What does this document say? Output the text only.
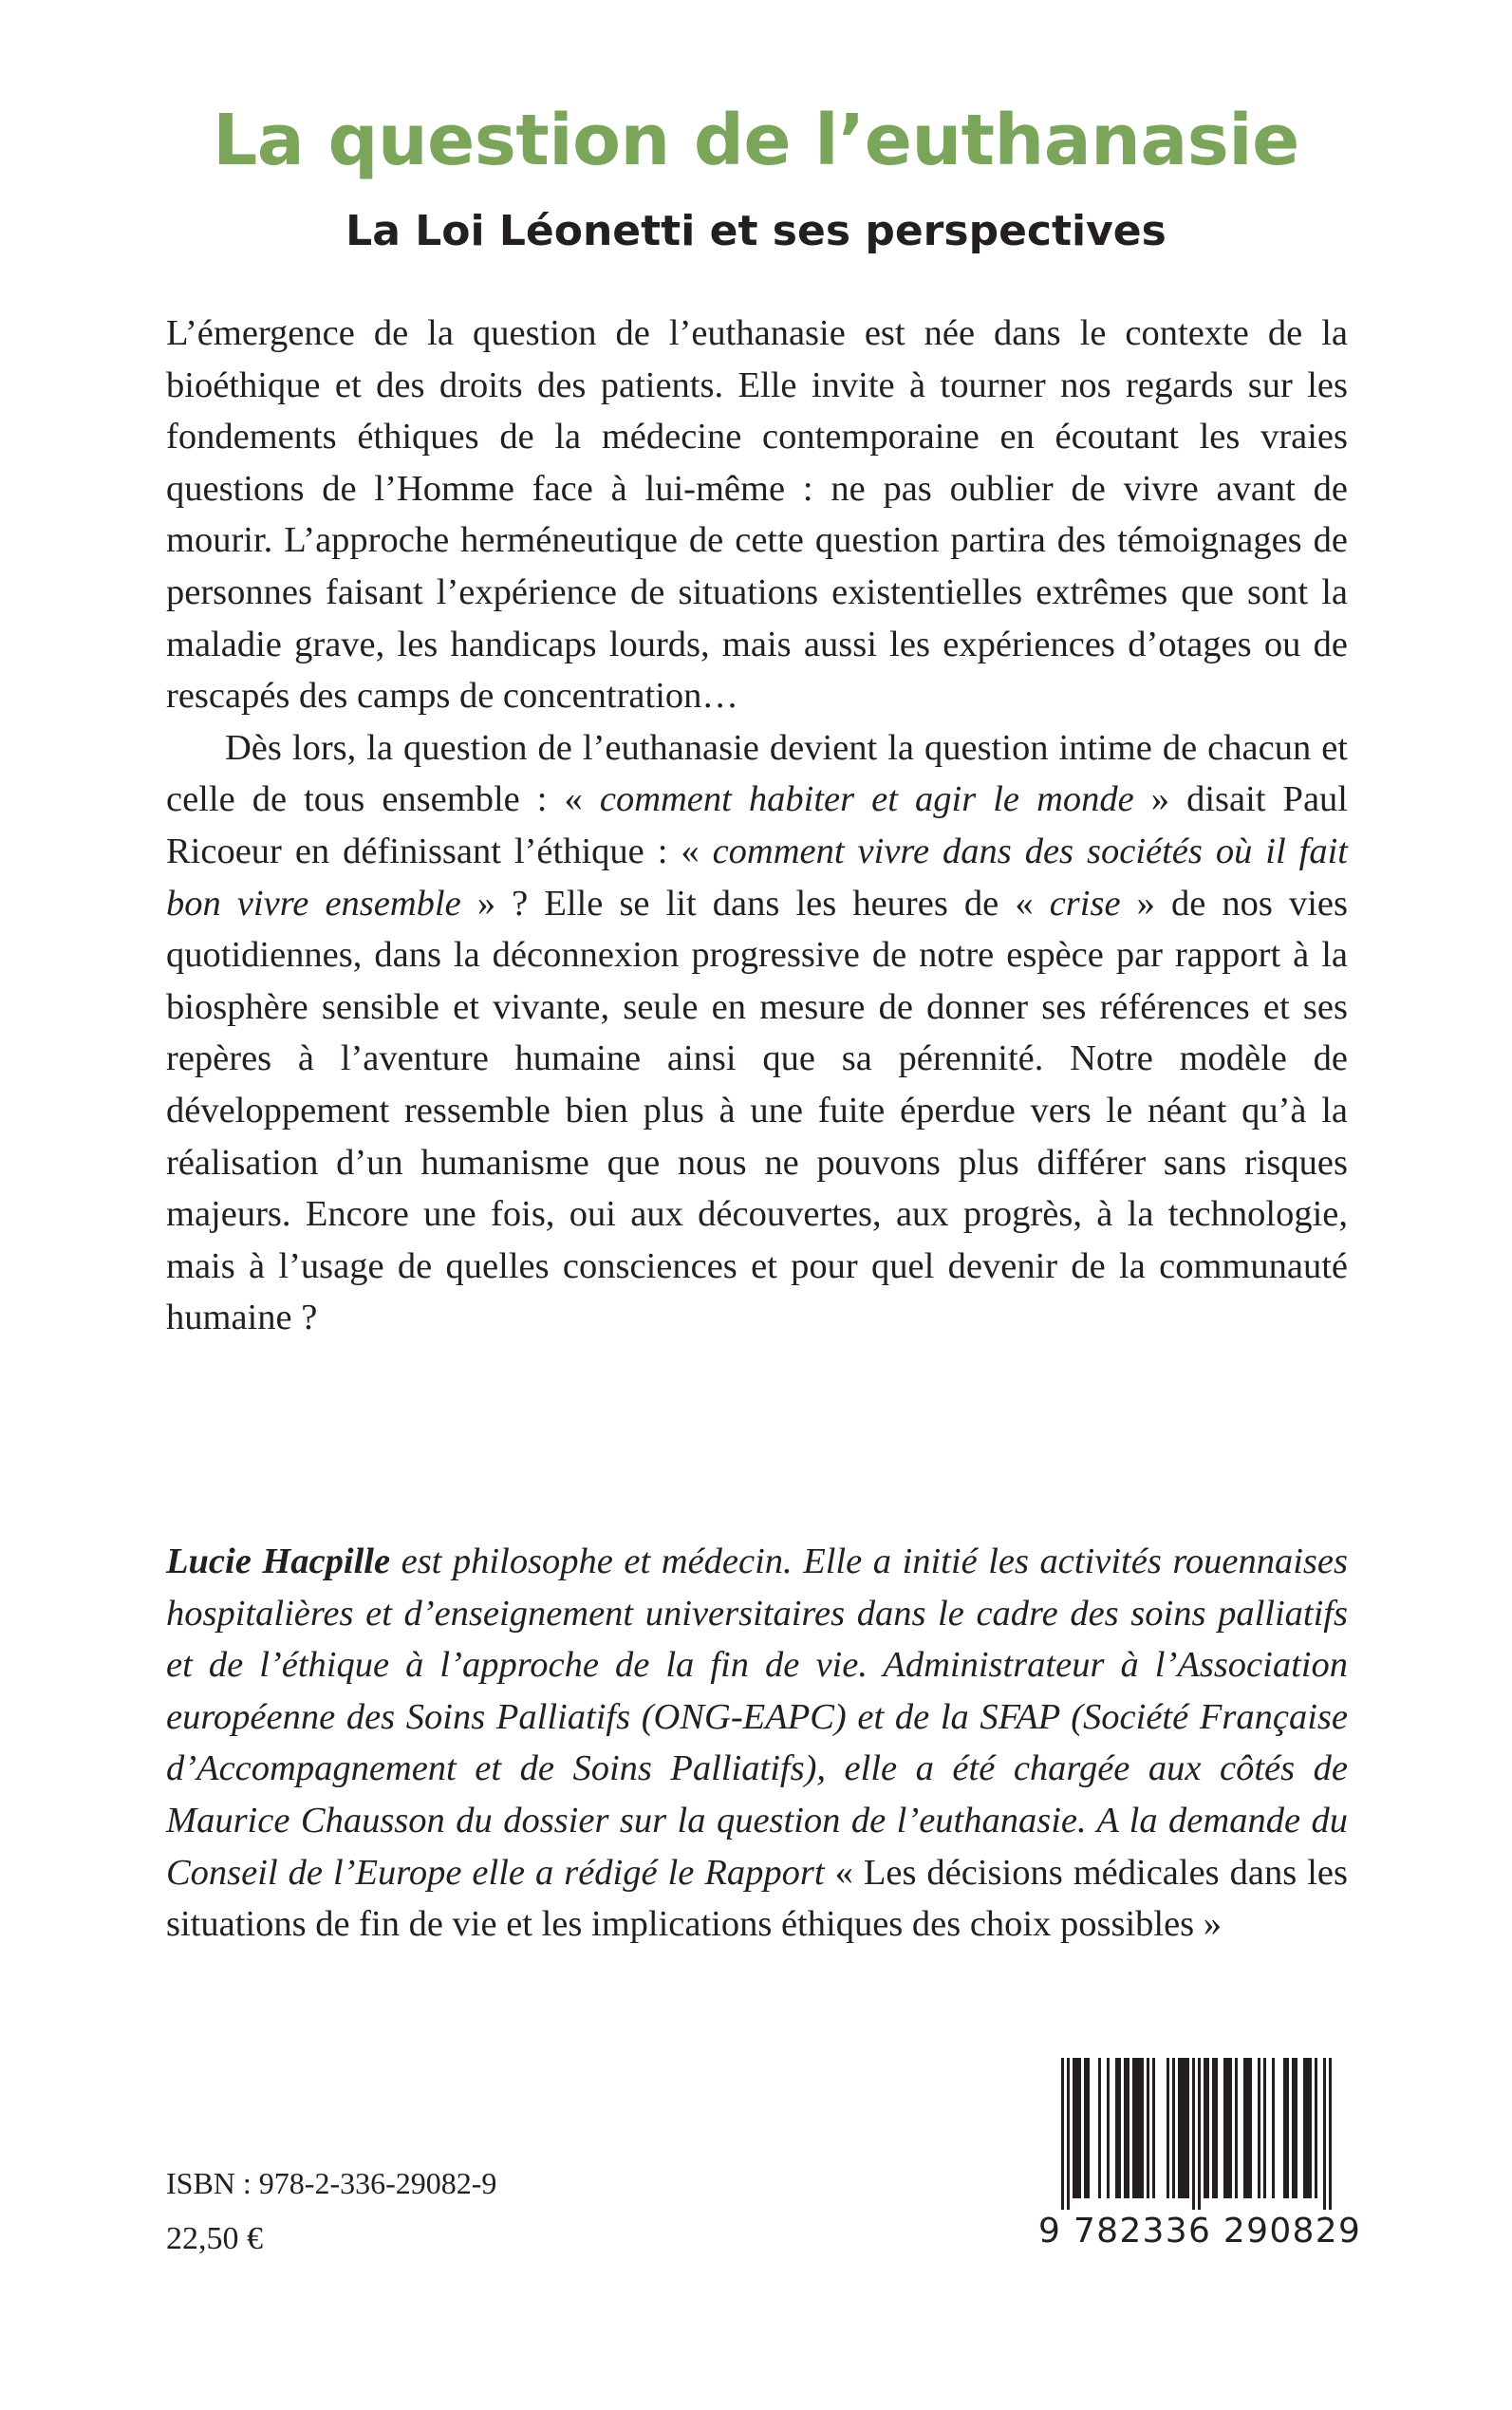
La question de l’euthanasie
La Loi Léonetti et ses perspectives

L’émergence de la question de l’euthanasie est née dans le contexte de la bioéthique et des droits des patients. Elle invite à tourner nos regards sur les fondements éthiques de la médecine contemporaine en écoutant les vraies questions de l’Homme face à lui-même : ne pas oublier de vivre avant de mourir. L’approche herméneutique de cette question partira des témoignages de personnes faisant l’expérience de situations existentielles extrêmes que sont la maladie grave, les handicaps lourds, mais aussi les expériences d’otages ou de rescapés des camps de concentration…

Dès lors, la question de l’euthanasie devient la question intime de chacun et celle de tous ensemble : « comment habiter et agir le monde » disait Paul Ricoeur en définissant l’éthique : « comment vivre dans des sociétés où il fait bon vivre ensemble » ? Elle se lit dans les heures de « crise » de nos vies quotidiennes, dans la déconnexion progressive de notre espèce par rapport à la biosphère sensible et vivante, seule en mesure de donner ses références et ses repères à l’aventure humaine ainsi que sa pérennité. Notre modèle de développement ressemble bien plus à une fuite éperdue vers le néant qu’à la réalisation d’un humanisme que nous ne pouvons plus différer sans risques majeurs. Encore une fois, oui aux découvertes, aux progrès, à la technologie, mais à l’usage de quelles consciences et pour quel devenir de la communauté humaine ?

Lucie Hacpille est philosophe et médecin. Elle a initié les activités rouennaises hospitalières et d’enseignement universitaires dans le cadre des soins palliatifs et de l’éthique à l’approche de la fin de vie. Administrateur à l’Association européenne des Soins Palliatifs (ONG-EAPC) et de la SFAP (Société Française d’Accompagnement et de Soins Palliatifs), elle a été chargée aux côtés de Maurice Chausson du dossier sur la question de l’euthanasie. A la demande du Conseil de l’Europe elle a rédigé le Rapport « Les décisions médicales dans les situations de fin de vie et les implications éthiques des choix possibles »

ISBN : 978-2-336-29082-9
22,50 €	9 782336 290829
